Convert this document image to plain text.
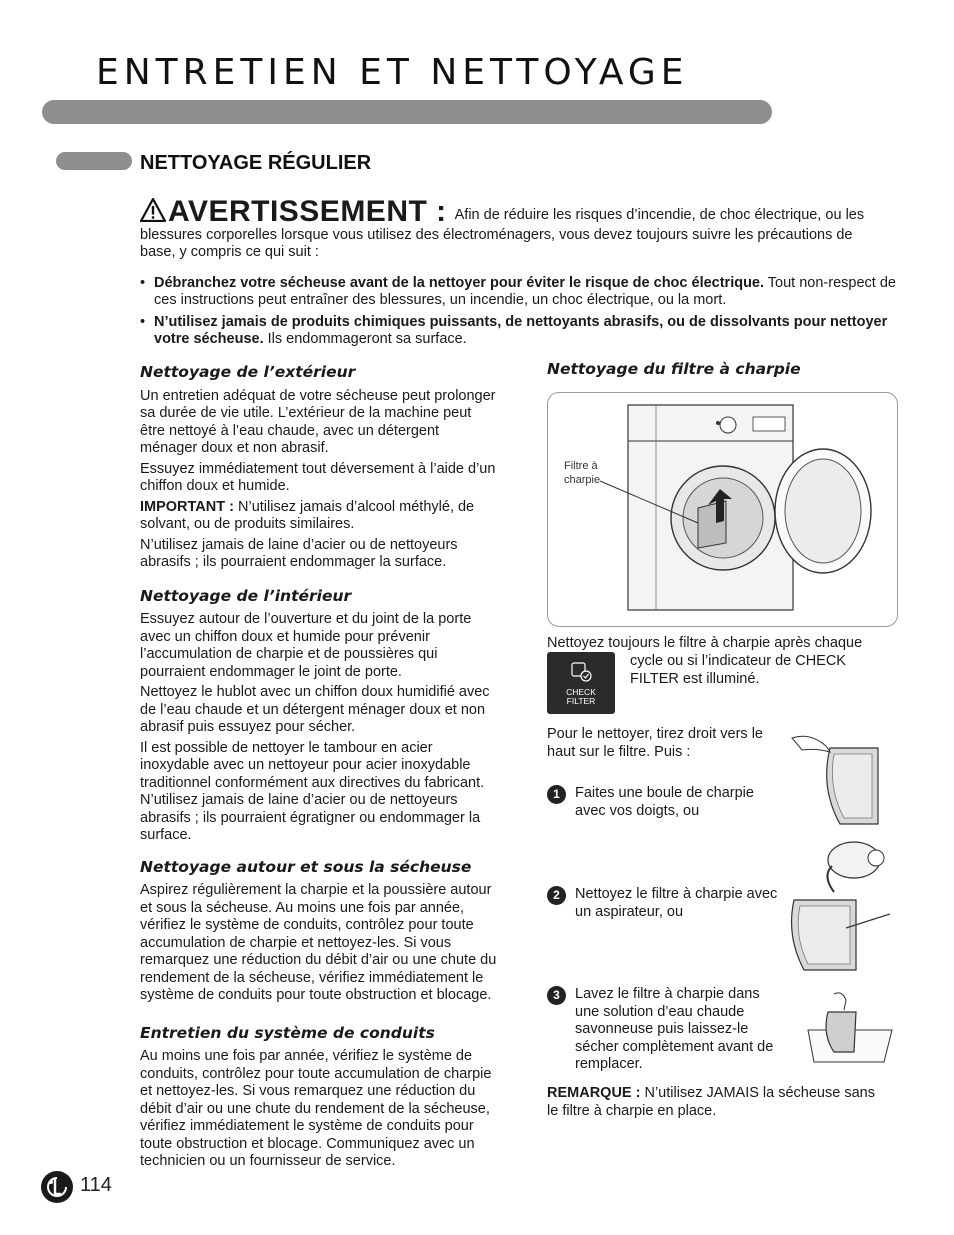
ENTRETIEN ET NETTOYAGE
NETTOYAGE RÉGULIER
AVERTISSEMENT : Afin de réduire les risques d’incendie, de choc électrique, ou les blessures corporelles lorsque vous utilisez des électroménagers, vous devez toujours suivre les précautions de base, y compris ce qui suit :
• Débranchez votre sécheuse avant de la nettoyer pour éviter le risque de choc électrique. Tout non-respect de ces instructions peut entraîner des blessures, un incendie, un choc électrique, ou la mort.
• N’utilisez jamais de produits chimiques puissants, de nettoyants abrasifs, ou de dissolvants pour nettoyer votre sécheuse. Ils endommageront sa surface.
Nettoyage de l’extérieur

Un entretien adéquat de votre sécheuse peut prolonger sa durée de vie utile. L’extérieur de la machine peut être nettoyé à l’eau chaude, avec un détergent ménager doux et non abrasif.

Essuyez immédiatement tout déversement à l’aide d’un chiffon doux et humide.

IMPORTANT : N’utilisez jamais d’alcool méthylé, de solvant, ou de produits similaires.

N’utilisez jamais de laine d’acier ou de nettoyeurs abrasifs ; ils pourraient endommager la surface.

Nettoyage de l’intérieur

Essuyez autour de l’ouverture et du joint de la porte avec un chiffon doux et humide pour prévenir l’accumulation de charpie et de poussières qui pourraient endommager le joint de porte.

Nettoyez le hublot avec un chiffon doux humidifié avec de l’eau chaude et un détergent ménager doux et non abrasif puis essuyez pour sécher.

Il est possible de nettoyer le tambour en acier inoxydable avec un nettoyeur pour acier inoxydable traditionnel conformément aux directives du fabricant. N’utilisez jamais de laine d’acier ou de nettoyeurs abrasifs ; ils pourraient égratigner ou endommager la surface.

Nettoyage autour et sous la sécheuse

Aspirez régulièrement la charpie et la poussière autour et sous la sécheuse. Au moins une fois par année, vérifiez le système de conduits, contrôlez pour toute accumulation de charpie et nettoyez-les. Si vous remarquez une réduction du débit d’air ou une chute du rendement de la sécheuse, vérifiez immédiatement le système de conduits pour toute obstruction et blocage.

Entretien du système de conduits

Au moins une fois par année, vérifiez le système de conduits, contrôlez pour toute accumulation de charpie et nettoyez-les. Si vous remarquez une réduction du débit d’air ou une chute du rendement de la sécheuse, vérifiez immédiatement le système de conduits pour toute obstruction et blocage. Communiquez avec un technicien ou un fournisseur de service.

Nettoyage du filtre à charpie
Filtre à
charpie
Nettoyez toujours le filtre à charpie après chaque
CHECK
FILTER
cycle ou si l’indicateur de CHECK FILTER est illuminé.
Pour le nettoyer, tirez droit vers le haut sur le filtre. Puis :
1	Faites une boule de charpie avec vos doigts, ou
2	Nettoyez le filtre à charpie avec un aspirateur, ou
3	Lavez le filtre à charpie dans une solution d’eau chaude savonneuse puis laissez-le sécher complètement avant de remplacer.
REMARQUE : N’utilisez JAMAIS la sécheuse sans le filtre à charpie en place.
114
